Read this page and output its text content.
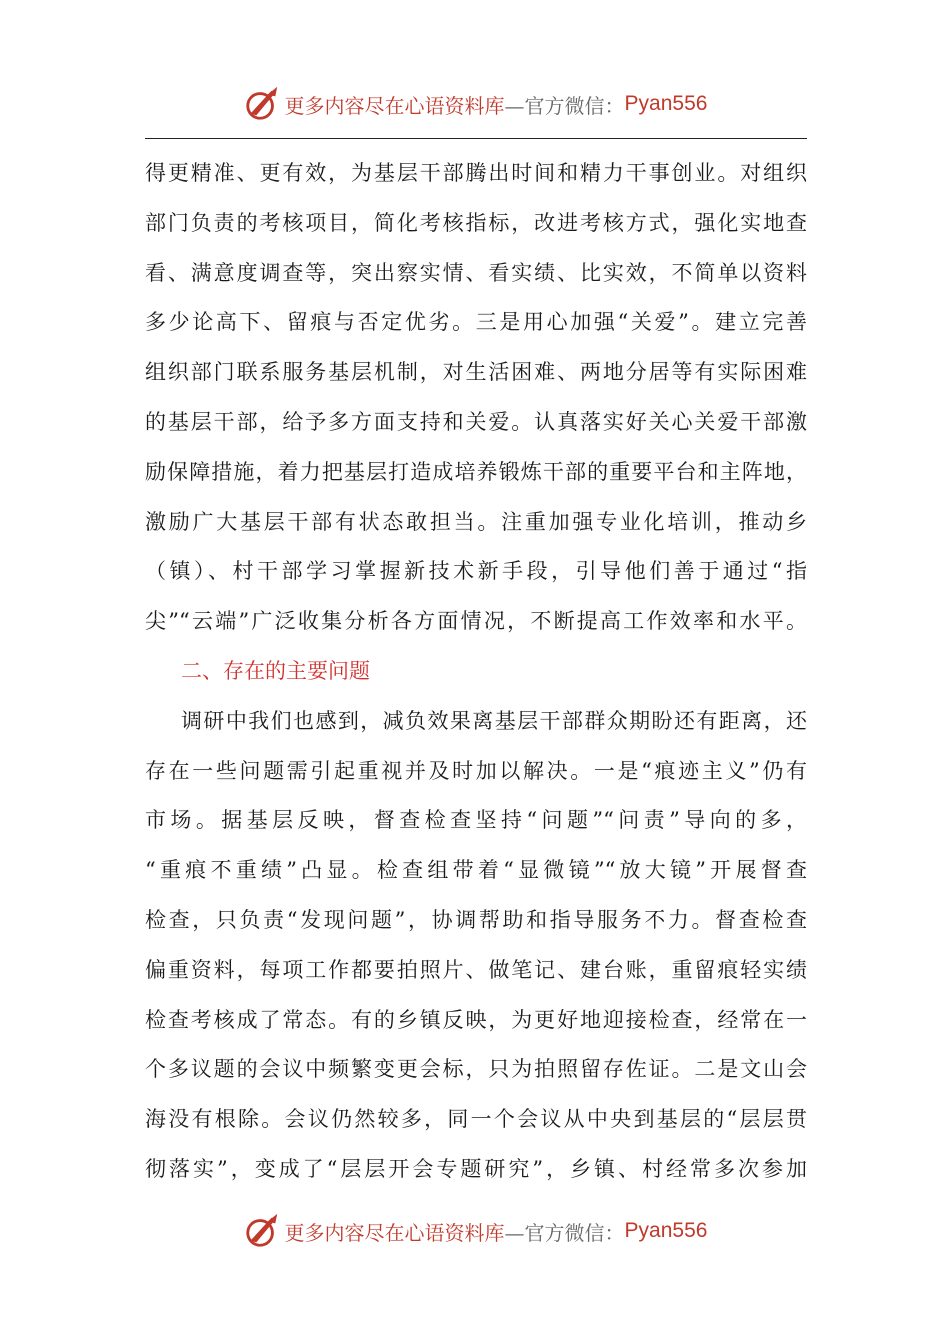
更多内容尽在心语资料库 —官方微信： Pyan556
得更精准、更有效，为基层干部腾出时间和精力干事创业。对组织
部门负责的考核项目，简化考核指标，改进考核方式，强化实地查
看、满意度调查等，突出察实情、看实绩、比实效，不简单以资料
多少论高下、留痕与否定优劣。三是用心加强“关爱”。建立完善
组织部门联系服务基层机制，对生活困难、两地分居等有实际困难
的基层干部，给予多方面支持和关爱。认真落实好关心关爱干部激
励保障措施，着力把基层打造成培养锻炼干部的重要平台和主阵地，
激励广大基层干部有状态敢担当。注重加强专业化培训，推动乡
（镇）、村干部学习掌握新技术新手段，引导他们善于通过“指
尖”“云端”广泛收集分析各方面情况，不断提高工作效率和水平。
二、存在的主要问题
调研中我们也感到，减负效果离基层干部群众期盼还有距离，还
存在一些问题需引起重视并及时加以解决。一是“痕迹主义”仍有
市场。据基层反映，督查检查坚持“问题”“问责”导向的多，
“重痕不重绩”凸显。检查组带着“显微镜”“放大镜”开展督查
检查，只负责“发现问题”，协调帮助和指导服务不力。督查检查
偏重资料，每项工作都要拍照片、做笔记、建台账，重留痕轻实绩
检查考核成了常态。有的乡镇反映，为更好地迎接检查，经常在一
个多议题的会议中频繁变更会标，只为拍照留存佐证。二是文山会
海没有根除。会议仍然较多，同一个会议从中央到基层的“层层贯
彻落实”，变成了“层层开会专题研究”，乡镇、村经常多次参加
更多内容尽在心语资料库 —官方微信： Pyan556
